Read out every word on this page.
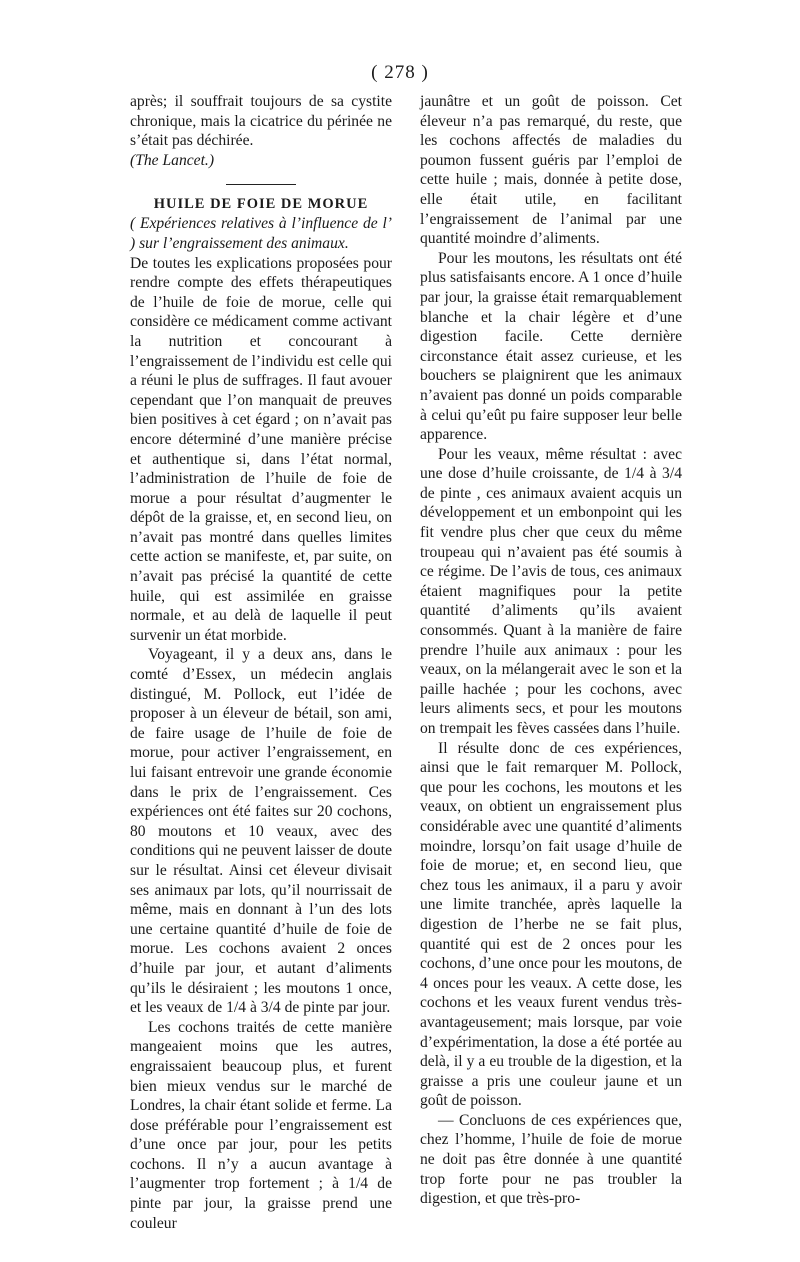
( 278 )

après; il souffrait toujours de sa cystite chronique, mais la cicatrice du périnée ne s’était pas déchirée.

(The Lancet.)

HUILE DE FOIE DE MORUE

( Expériences relatives à l’influence de l’ ) sur l’engraissement des animaux.

De toutes les explications proposées pour rendre compte des effets thérapeutiques de l’huile de foie de morue, celle qui considère ce médicament comme activant la nutrition et concourant à l’engraissement de l’individu est celle qui a réuni le plus de suffrages. Il faut avouer cependant que l’on manquait de preuves bien positives à cet égard ; on n’avait pas encore déterminé d’une manière précise et authentique si, dans l’état normal, l’administration de l’huile de foie de morue a pour résultat d’augmenter le dépôt de la graisse, et, en second lieu, on n’avait pas montré dans quelles limites cette action se manifeste, et, par suite, on n’avait pas précisé la quantité de cette huile, qui est assimilée en graisse normale, et au delà de laquelle il peut survenir un état morbide.

Voyageant, il y a deux ans, dans le comté d’Essex, un médecin anglais distingué, M. Pollock, eut l’idée de proposer à un éleveur de bétail, son ami, de faire usage de l’huile de foie de morue, pour activer l’engraissement, en lui faisant entrevoir une grande économie dans le prix de l’engraissement. Ces expériences ont été faites sur 20 cochons, 80 moutons et 10 veaux, avec des conditions qui ne peuvent laisser de doute sur le résultat. Ainsi cet éleveur divisait ses animaux par lots, qu’il nourrissait de même, mais en donnant à l’un des lots une certaine quantité d’huile de foie de morue. Les cochons avaient 2 onces d’huile par jour, et autant d’aliments qu’ils le désiraient ; les moutons 1 once, et les veaux de 1/4 à 3/4 de pinte par jour.

Les cochons traités de cette manière mangeaient moins que les autres, engraissaient beaucoup plus, et furent bien mieux vendus sur le marché de Londres, la chair étant solide et ferme. La dose préférable pour l’engraissement est d’une once par jour, pour les petits cochons. Il n’y a aucun avantage à l’augmenter trop fortement ; à 1/4 de pinte par jour, la graisse prend une couleur

jaunâtre et un goût de poisson. Cet éleveur n’a pas remarqué, du reste, que les cochons affectés de maladies du poumon fussent guéris par l’emploi de cette huile ; mais, donnée à petite dose, elle était utile, en facilitant l’engraissement de l’animal par une quantité moindre d’aliments.

Pour les moutons, les résultats ont été plus satisfaisants encore. A 1 once d’huile par jour, la graisse était remarquablement blanche et la chair légère et d’une digestion facile. Cette dernière circonstance était assez curieuse, et les bouchers se plaignirent que les animaux n’avaient pas donné un poids comparable à celui qu’eût pu faire supposer leur belle apparence.

Pour les veaux, même résultat : avec une dose d’huile croissante, de 1/4 à 3/4 de pinte , ces animaux avaient acquis un développement et un embonpoint qui les fit vendre plus cher que ceux du même troupeau qui n’avaient pas été soumis à ce régime. De l’avis de tous, ces animaux étaient magnifiques pour la petite quantité d’aliments qu’ils avaient consommés. Quant à la manière de faire prendre l’huile aux animaux : pour les veaux, on la mélangerait avec le son et la paille hachée ; pour les cochons, avec leurs aliments secs, et pour les moutons on trempait les fèves cassées dans l’huile.

Il résulte donc de ces expériences, ainsi que le fait remarquer M. Pollock, que pour les cochons, les moutons et les veaux, on obtient un engraissement plus considérable avec une quantité d’aliments moindre, lorsqu’on fait usage d’huile de foie de morue; et, en second lieu, que chez tous les animaux, il a paru y avoir une limite tranchée, après laquelle la digestion de l’herbe ne se fait plus, quantité qui est de 2 onces pour les cochons, d’une once pour les moutons, de 4 onces pour les veaux. A cette dose, les cochons et les veaux furent vendus très-avantageusement; mais lorsque, par voie d’expérimentation, la dose a été portée au delà, il y a eu trouble de la digestion, et la graisse a pris une couleur jaune et un goût de poisson.

— Concluons de ces expériences que, chez l’homme, l’huile de foie de morue ne doit pas être donnée à une quantité trop forte pour ne pas troubler la digestion, et que très-pro-
